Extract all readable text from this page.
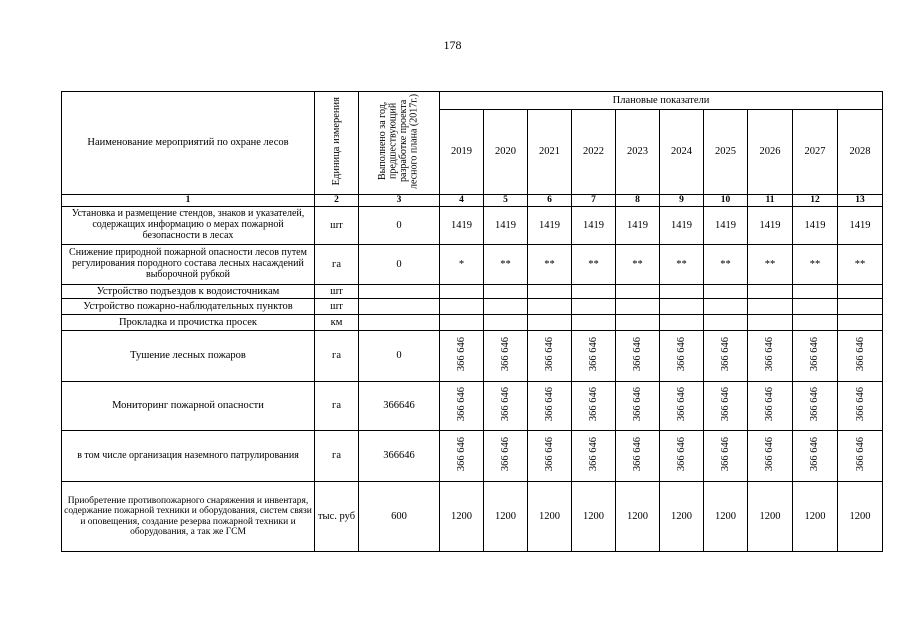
178
Наименование мероприятий по охране лесов	Единица измерения	Выполнено за год, предшествующий разработке проекта лесного плана (2017г.)	Плановые показатели									
			2019	2020	2021	2022	2023	2024	2025	2026	2027	2028
1	2	3	4	5	6	7	8	9	10	11	12	13
Установка и размещение стендов, знаков и указателей, содержащих информацию о мерах пожарной безопасности в лесах	шт	0	1419	1419	1419	1419	1419	1419	1419	1419	1419	1419
Снижение природной пожарной опасности лесов путем регулирования породного состава лесных насаждений выборочной рубкой	га	0	*	**	**	**	**	**	**	**	**	**
Устройство подъездов к водоисточникам	шт											
Устройство пожарно-наблюдательных пунктов	шт											
Прокладка и прочистка просек	км											
Тушение лесных пожаров	га	0	366 646	366 646	366 646	366 646	366 646	366 646	366 646	366 646	366 646	366 646
Мониторинг пожарной опасности	га	366646	366 646	366 646	366 646	366 646	366 646	366 646	366 646	366 646	366 646	366 646
в том числе организация наземного патрулирования	га	366646	366 646	366 646	366 646	366 646	366 646	366 646	366 646	366 646	366 646	366 646
Приобретение противопожарного снаряжения и инвентаря, содержание пожарной техники и оборудования, систем связи и оповещения, создание резерва пожарной техники и оборудования, а так же ГСМ	тыс. руб	600	1200	1200	1200	1200	1200	1200	1200	1200	1200	1200
